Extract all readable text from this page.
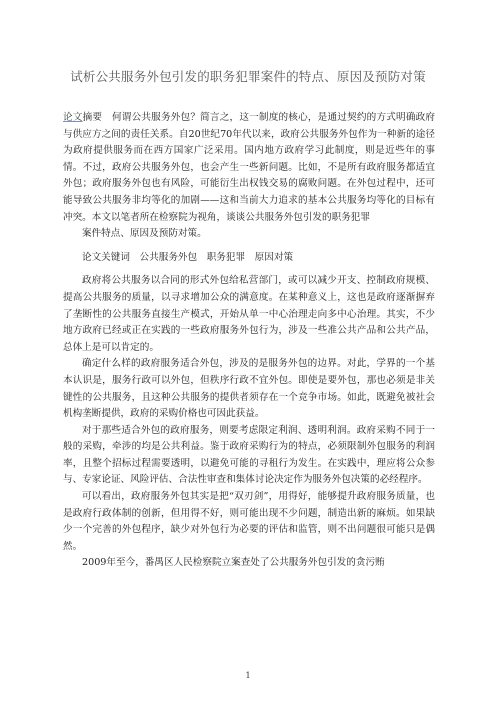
试析公共服务外包引发的职务犯罪案件的特点、原因及预防对策

论文摘要　 何谓公共服务外包？简言之，这一制度的核心，是通过契约的方式明确政府与供应方之间的责任关系。自20世纪70年代以来，政府公共服务外包作为一种新的途径为政府提供服务而在西方国家广泛采用。国内地方政府学习此制度，则是近些年的事情。不过，政府公共服务外包，也会产生一些新问题。比如，不是所有政府服务都适宜外包；政府服务外包也有风险，可能衍生出权钱交易的腐败问题。在外包过程中，还可能导致公共服务非均等化的加剧——这和当前大力追求的基本公共服务均等化的目标有冲突。本文以笔者所在检察院为视角，谈谈公共服务外包引发的职务犯罪

案件特点、原因及预防对策。

论文关键词　公共服务外包　职务犯罪　原因对策

政府将公共服务以合同的形式外包给私营部门，或可以减少开支、控制政府规模、提高公共服务的质量，以寻求增加公众的满意度。在某种意义上，这也是政府逐渐摒弃了垄断性的公共服务直接生产模式，开始从单一中心治理走向多中心治理。其实，不少地方政府已经或正在实践的一些政府服务外包行为，涉及一些准公共产品和公共产品，总体上是可以肯定的。

确定什么样的政府服务适合外包，涉及的是服务外包的边界。对此，学界的一个基本认识是，服务行政可以外包，但秩序行政不宜外包。即使是要外包，那也必须是非关键性的公共服务，且这种公共服务的提供者须存在一个竞争市场。如此，既避免被社会机构垄断提供，政府的采购价格也可因此获益。

对于那些适合外包的政府服务，则要考虑限定利润、透明利润。政府采购不同于一般的采购，牵涉的均是公共利益。鉴于政府采购行为的特点，必须限制外包服务的利润率，且整个招标过程需要透明，以避免可能的寻租行为发生。在实践中，理应将公众参与、专家论证、风险评估、合法性审查和集体讨论决定作为服务外包决策的必经程序。

可以看出，政府服务外包其实是把“双刃剑”，用得好，能够提升政府服务质量，也是政府行政体制的创新，但用得不好，则可能出现不少问题，制造出新的麻烦。如果缺少一个完善的外包程序，缺少对外包行为必要的评估和监管，则不出问题很可能只是偶然。

2009年至今，番禺区人民检察院立案查处了公共服务外包引发的贪污贿

1
